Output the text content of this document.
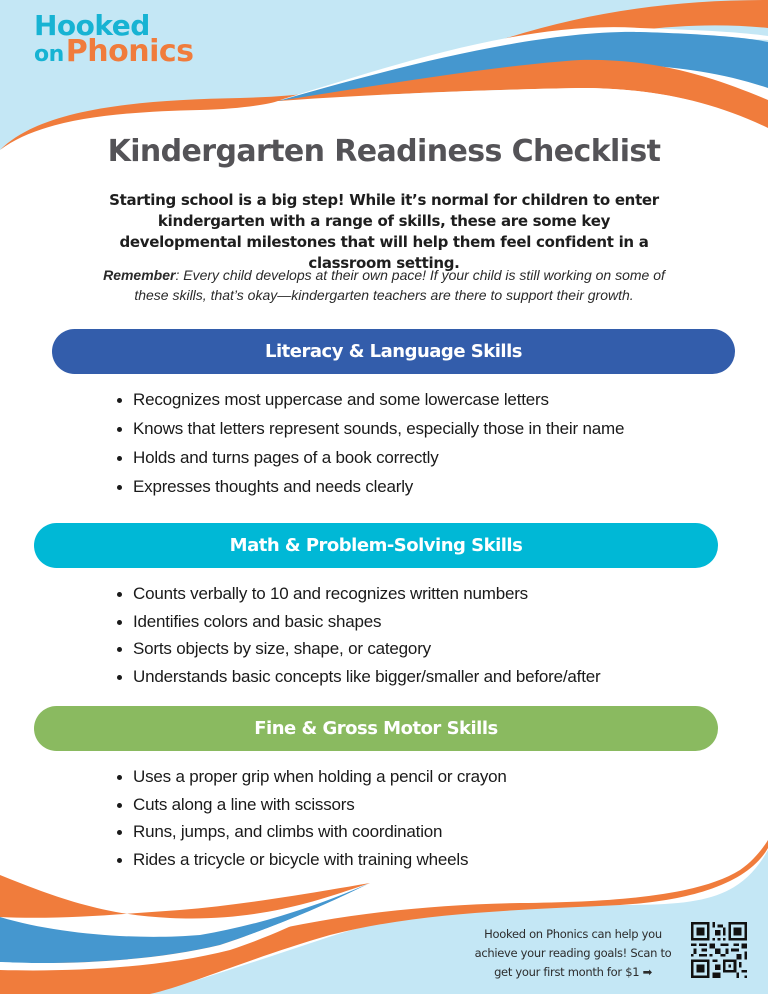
Hooked
onPhonics
Kindergarten Readiness Checklist
Starting school is a big step! While it’s normal for children to enter kindergarten with a range of skills, these are some key developmental milestones that will help them feel confident in a classroom setting.
Remember: Every child develops at their own pace! If your child is still working on some of these skills, that’s okay—kindergarten teachers are there to support their growth.
Literacy & Language Skills
Recognizes most uppercase and some lowercase letters
Knows that letters represent sounds, especially those in their name
Holds and turns pages of a book correctly
Expresses thoughts and needs clearly
Math & Problem-Solving Skills
Counts verbally to 10 and recognizes written numbers
Identifies colors and basic shapes
Sorts objects by size, shape, or category
Understands basic concepts like bigger/smaller and before/after
Fine & Gross Motor Skills
Uses a proper grip when holding a pencil or crayon
Cuts along a line with scissors
Runs, jumps, and climbs with coordination
Rides a tricycle or bicycle with training wheels
Hooked on Phonics can help you achieve your reading goals! Scan to get your first month for $1 ➡
